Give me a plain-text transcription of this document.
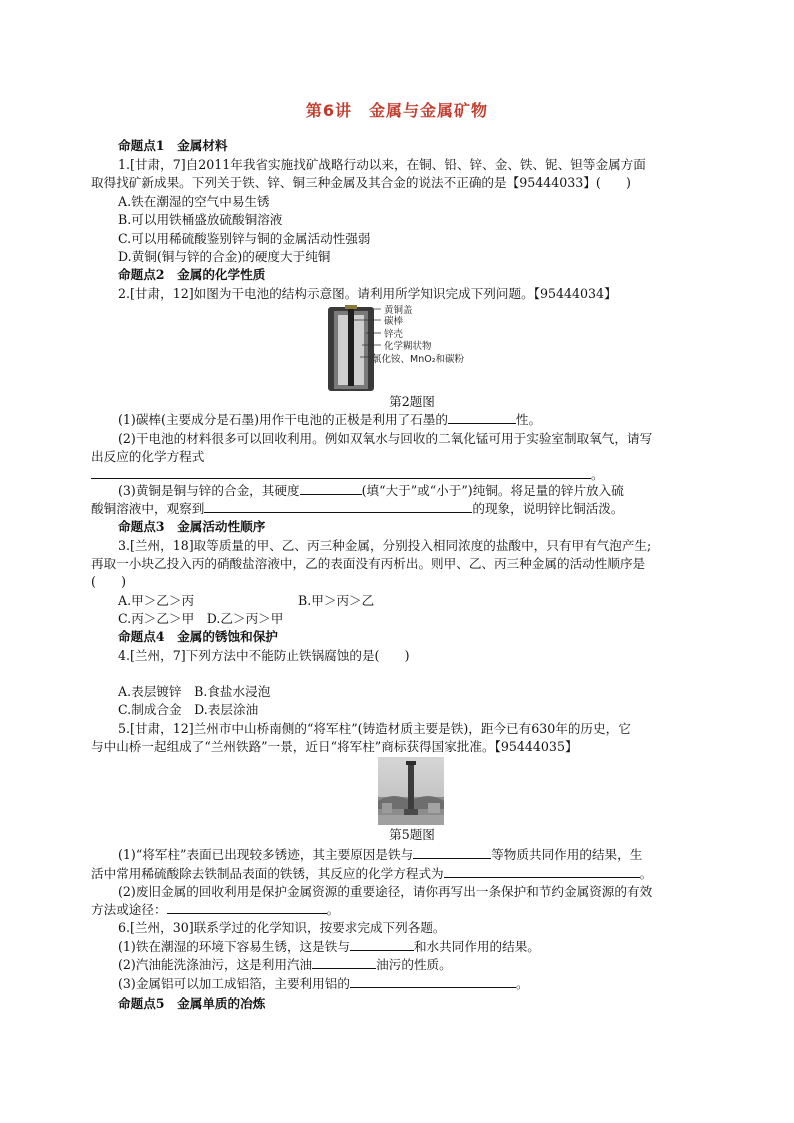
第6讲　金属与金属矿物
命题点1　金属材料
1.[甘肃，7]自2011年我省实施找矿战略行动以来，在铜、铅、锌、金、铁、铌、钽等金属方面
取得找矿新成果。下列关于铁、锌、铜三种金属及其合金的说法不正确的是【95444033】(　　)
A.铁在潮湿的空气中易生锈
B.可以用铁桶盛放硫酸铜溶液
C.可以用稀硫酸鉴别锌与铜的金属活动性强弱
D.黄铜(铜与锌的合金)的硬度大于纯铜
命题点2　金属的化学性质
2.[甘肃，12]如图为干电池的结构示意图。请利用所学知识完成下列问题。【95444034】
黄铜盖
碳棒
锌壳
化学糊状物
氯化铵、MnO₂和碳粉
第2题图
(1)碳棒(主要成分是石墨)用作干电池的正极是利用了石墨的	性。
(2)干电池的材料很多可以回收利用。例如双氧水与回收的二氧化锰可用于实验室制取氧气，请写
出反应的化学方程式
。
(3)黄铜是铜与锌的合金，其硬度	(填“大于”或“小于”)纯铜。将足量的锌片放入硫
酸铜溶液中，观察到	的现象，说明锌比铜活泼。
命题点3　金属活动性顺序
3.[兰州，18]取等质量的甲、乙、丙三种金属，分别投入相同浓度的盐酸中，只有甲有气泡产生;
再取一小块乙投入丙的硝酸盐溶液中，乙的表面没有丙析出。则甲、乙、丙三种金属的活动性顺序是
(　　)
A.甲＞乙＞丙	B.甲＞丙＞乙
C.丙＞乙＞甲　D.乙＞丙＞甲
命题点4　金属的锈蚀和保护
4.[兰州，7]下列方法中不能防止铁锅腐蚀的是(　　)
A.表层镀锌　B.食盐水浸泡
C.制成合金　D.表层涂油
5.[甘肃，12]兰州市中山桥南侧的“将军柱”(铸造材质主要是铁)，距今已有630年的历史，它
与中山桥一起组成了“兰州铁路”一景，近日“将军柱”商标获得国家批准。【95444035】
第5题图
(1)“将军柱”表面已出现较多锈迹，其主要原因是铁与	等物质共同作用的结果，生
活中常用稀硫酸除去铁制品表面的铁锈，其反应的化学方程式为	。
(2)废旧金属的回收利用是保护金属资源的重要途径，请你再写出一条保护和节约金属资源的有效
方法或途径：	。
6.[兰州，30]联系学过的化学知识，按要求完成下列各题。
(1)铁在潮湿的环境下容易生锈，这是铁与	和水共同作用的结果。
(2)汽油能洗涤油污，这是利用汽油	油污的性质。
(3)金属铝可以加工成铝箔，主要利用铝的	。
命题点5　金属单质的冶炼
